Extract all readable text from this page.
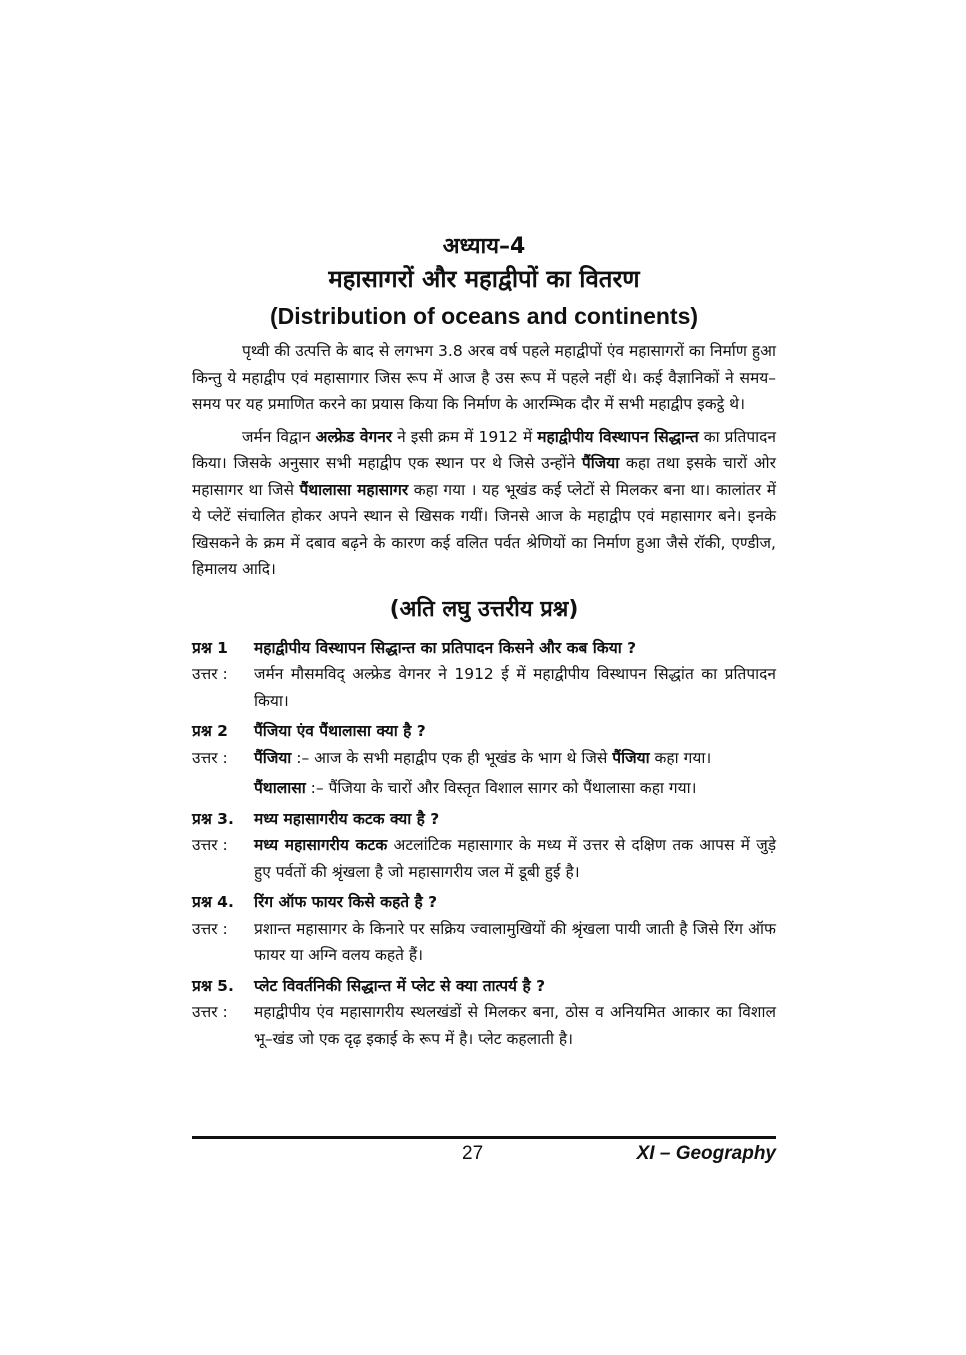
अध्याय–4

महासागरों और महाद्वीपों का वितरण

(Distribution of oceans and continents)

पृथ्वी की उत्पत्ति के बाद से लगभग 3.8 अरब वर्ष पहले महाद्वीपों एंव महासागरों का निर्माण हुआ किन्तु ये महाद्वीप एवं महासागार जिस रूप में आज है उस रूप में पहले नहीं थे। कई वैज्ञानिकों ने समय–समय पर यह प्रमाणित करने का प्रयास किया कि निर्माण के आरम्भिक दौर में सभी महाद्वीप इकट्ठे थे।

जर्मन विद्वान अल्फ्रेड वेगनर ने इसी क्रम में 1912 में महाद्वीपीय विस्थापन सिद्धान्त का प्रतिपादन किया। जिसके अनुसार सभी महाद्वीप एक स्थान पर थे जिसे उन्होंने पैंजिया कहा तथा इसके चारों ओर महासागर था जिसे पैंथालासा महासागर कहा गया । यह भूखंड कई प्लेटों से मिलकर बना था। कालांतर में ये प्लेटें संचालित होकर अपने स्थान से खिसक गयीं। जिनसे आज के महाद्वीप एवं महासागर बने। इनके खिसकने के क्रम में दबाव बढ़ने के कारण कई वलित पर्वत श्रेणियों का निर्माण हुआ जैसे रॉकी, एण्डीज, हिमालय आदि।

(अति लघु उत्तरीय प्रश्न)

प्रश्न 1	महाद्वीपीय विस्थापन सिद्धान्त का प्रतिपादन किसने और कब किया ?
उत्तर :	जर्मन मौसमविद् अल्फ्रेड वेगनर ने 1912 ई में महाद्वीपीय विस्थापन सिद्धांत का प्रतिपादन किया।
प्रश्न 2	पैंजिया एंव पैंथालासा क्या है ?
उत्तर :	पैंजिया :– आज के सभी महाद्वीप एक ही भूखंड के भाग थे जिसे पैंजिया कहा गया।
पैंथालासा :– पैंजिया के चारों और विस्तृत विशाल सागर को पैंथालासा कहा गया।
प्रश्न 3.	मध्य महासागरीय कटक क्या है ?
उत्तर :	मध्य महासागरीय कटक अटलांटिक महासागार के मध्य में उत्तर से दक्षिण तक आपस में जुड़े हुए पर्वतों की श्रृंखला है जो महासागरीय जल में डूबी हुई है।
प्रश्न 4.	रिंग ऑफ फायर किसे कहते है ?
उत्तर :	प्रशान्त महासागर के किनारे पर सक्रिय ज्वालामुखियों की श्रृंखला पायी जाती है जिसे रिंग ऑफ फायर या अग्नि वलय कहते हैं।
प्रश्न 5.	प्लेट विवर्तनिकी सिद्धान्त में प्लेट से क्या तात्पर्य है ?
उत्तर :	महाद्वीपीय एंव महासागरीय स्थलखंडों से मिलकर बना, ठोस व अनियमित आकार का विशाल भू–खंड जो एक दृढ़ इकाई के रूप में है। प्लेट कहलाती है।
27	XI – Geography
